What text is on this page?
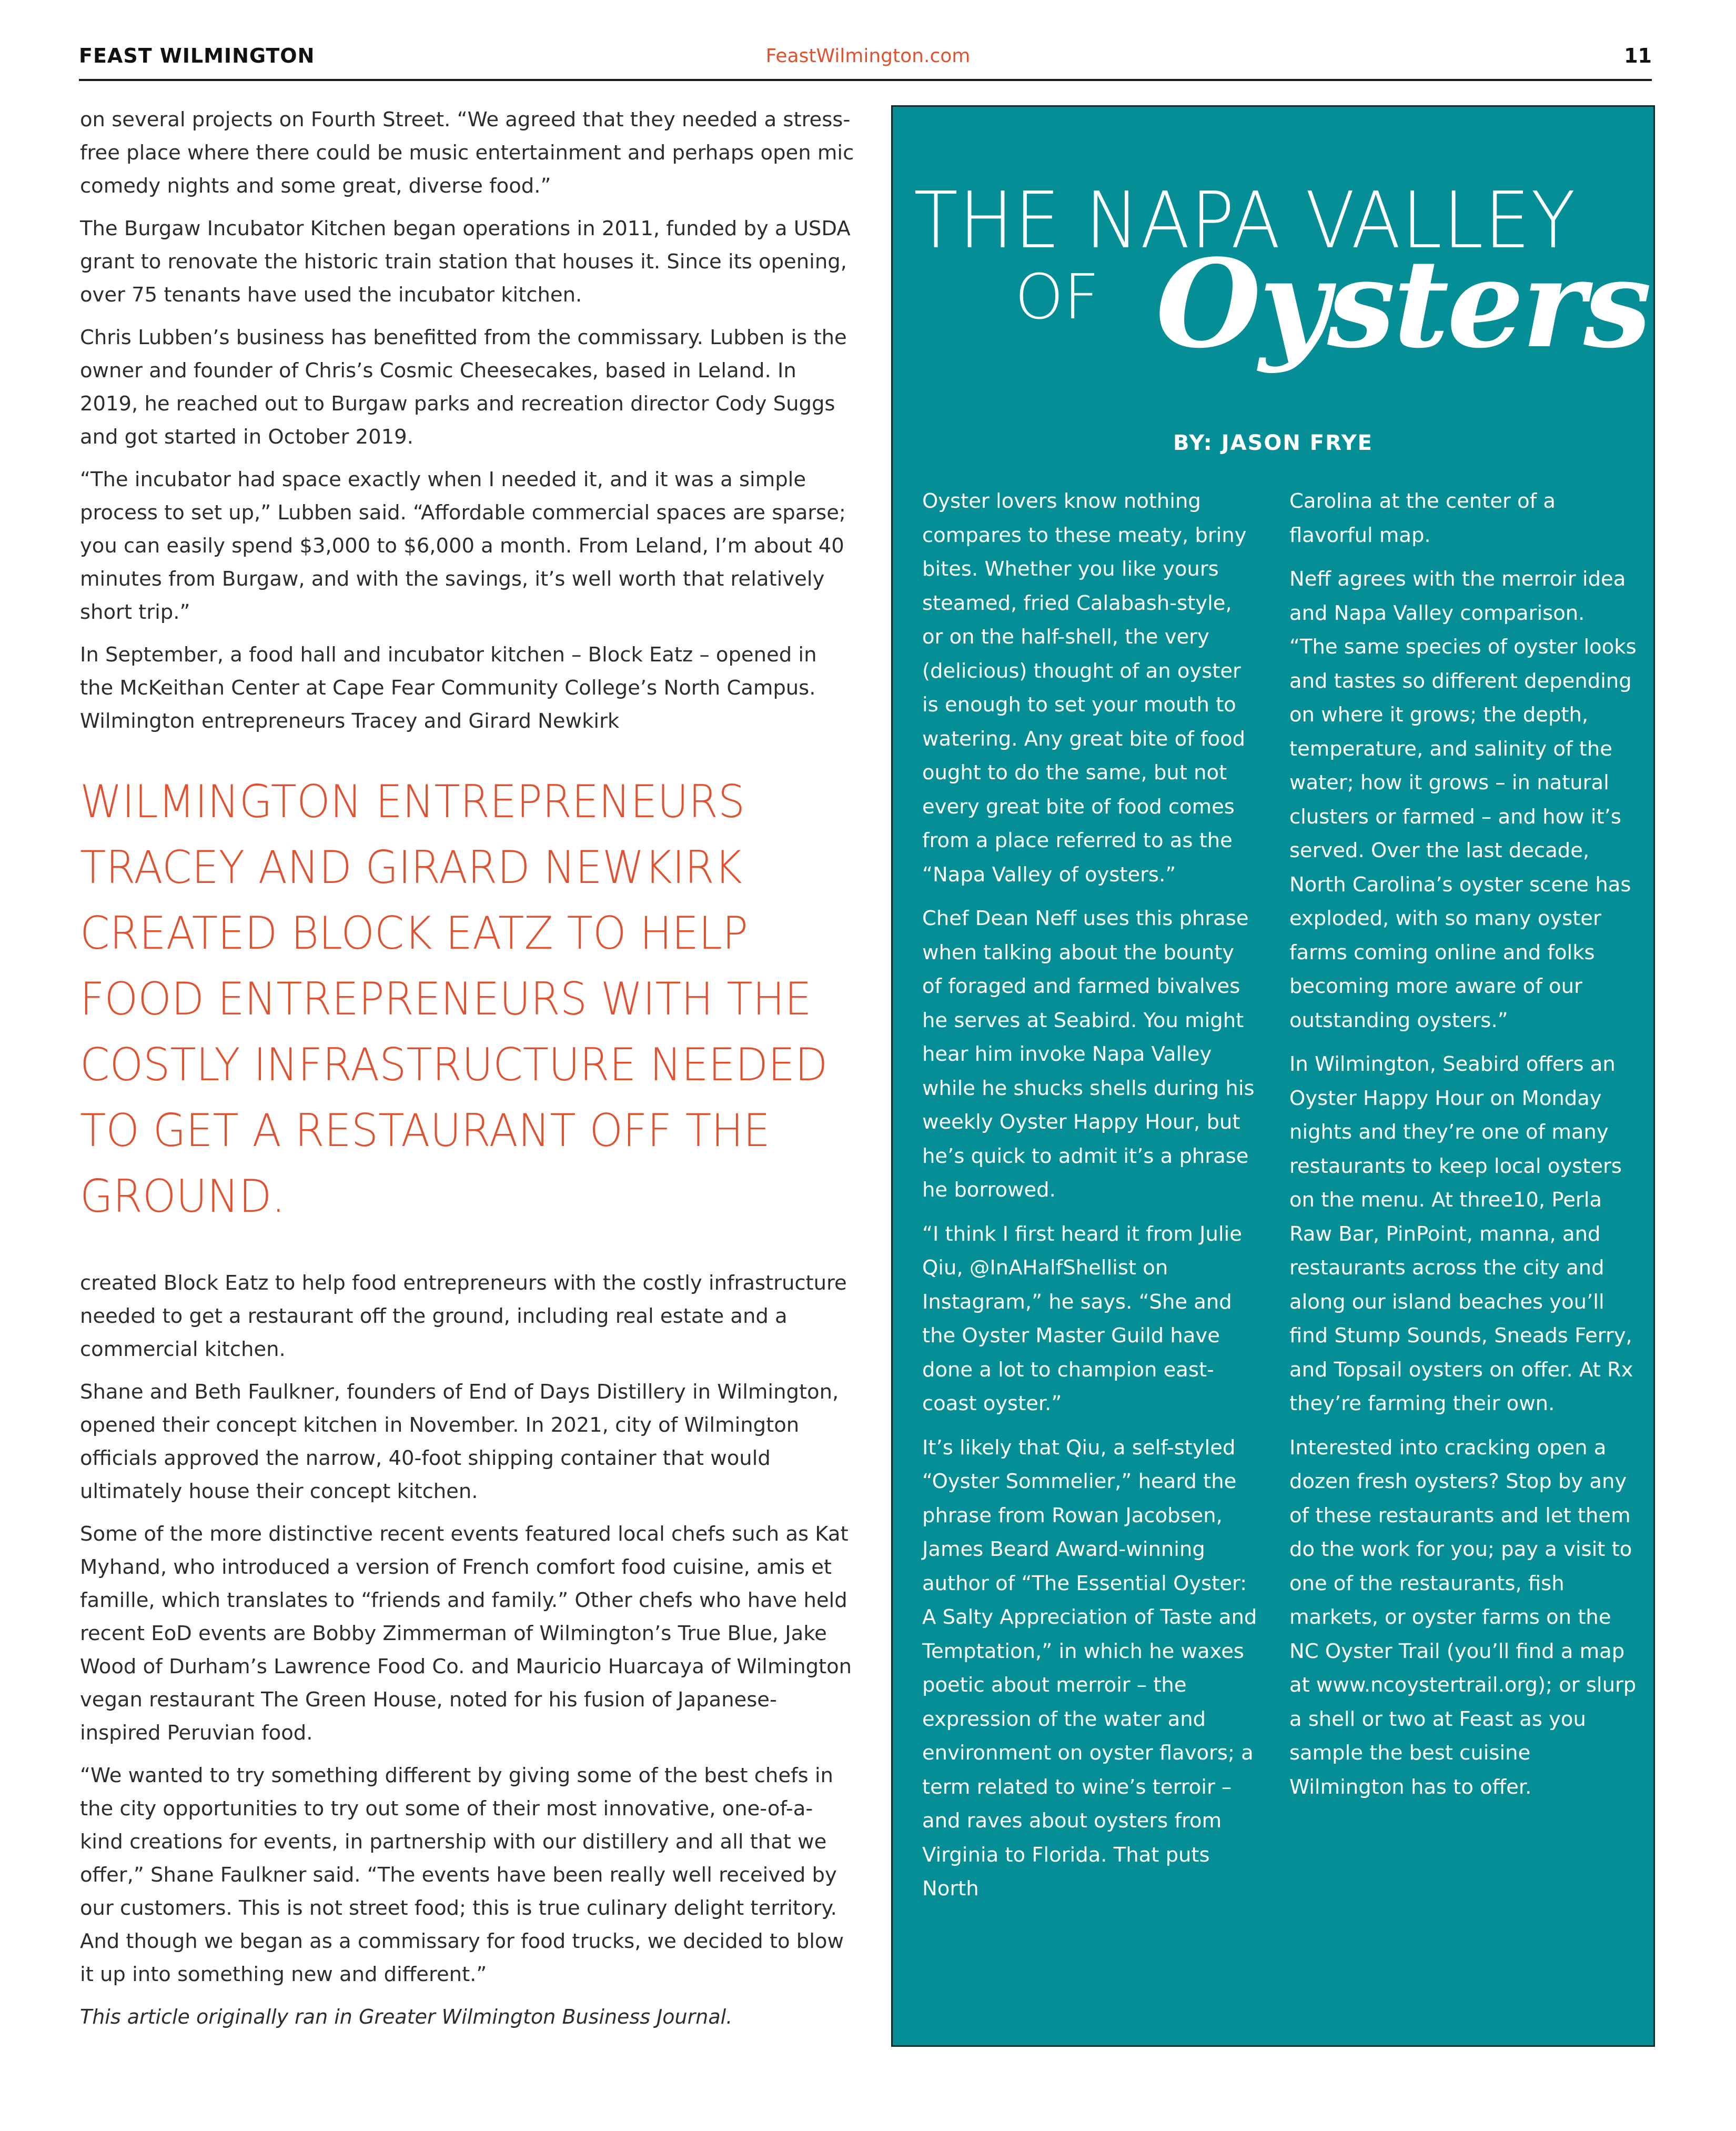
FEAST WILMINGTON	FeastWilmington.com	11

on several projects on Fourth Street. “We agreed that they needed a stress-free place where there could be music entertainment and perhaps open mic comedy nights and some great, diverse food.”

The Burgaw Incubator Kitchen began operations in 2011, funded by a USDA grant to renovate the historic train station that houses it. Since its opening, over 75 tenants have used the incubator kitchen.

Chris Lubben’s business has benefitted from the commissary. Lubben is the owner and founder of Chris’s Cosmic Cheesecakes, based in Leland. In 2019, he reached out to Burgaw parks and recreation director Cody Suggs and got started in October 2019.

“The incubator had space exactly when I needed it, and it was a simple process to set up,” Lubben said. “Affordable commercial spaces are sparse; you can easily spend $3,000 to $6,000 a month. From Leland, I’m about 40 minutes from Burgaw, and with the savings, it’s well worth that relatively short trip.”

In September, a food hall and incubator kitchen – Block Eatz – opened in the McKeithan Center at Cape Fear Community College’s North Campus. Wilmington entrepreneurs Tracey and Girard Newkirk

WILMINGTON ENTREPRENEURS TRACEY AND GIRARD NEWKIRK CREATED BLOCK EATZ TO HELP FOOD ENTREPRENEURS WITH THE COSTLY INFRASTRUCTURE NEEDED TO GET A RESTAURANT OFF THE GROUND.

created Block Eatz to help food entrepreneurs with the costly infrastructure needed to get a restaurant off the ground, including real estate and a commercial kitchen.

Shane and Beth Faulkner, founders of End of Days Distillery in Wilmington, opened their concept kitchen in November. In 2021, city of Wilmington officials approved the narrow, 40-foot shipping container that would ultimately house their concept kitchen.

Some of the more distinctive recent events featured local chefs such as Kat Myhand, who introduced a version of French comfort food cuisine, amis et famille, which translates to “friends and family.” Other chefs who have held recent EoD events are Bobby Zimmerman of Wilmington’s True Blue, Jake Wood of Durham’s Lawrence Food Co. and Mauricio Huarcaya of Wilmington vegan restaurant The Green House, noted for his fusion of Japanese-inspired Peruvian food.

“We wanted to try something different by giving some of the best chefs in the city opportunities to try out some of their most innovative, one-of-a-kind creations for events, in partnership with our distillery and all that we offer,” Shane Faulkner said. “The events have been really well received by our customers. This is not street food; this is true culinary delight territory. And though we began as a commissary for food trucks, we decided to blow it up into something new and different.”

This article originally ran in Greater Wilmington Business Journal.
THE NAPA VALLEY
OF Oysters
BY: JASON FRYE

Oyster lovers know nothing compares to these meaty, briny bites. Whether you like yours steamed, fried Calabash-style, or on the half-shell, the very (delicious) thought of an oyster is enough to set your mouth to watering. Any great bite of food ought to do the same, but not every great bite of food comes from a place referred to as the “Napa Valley of oysters.”

Chef Dean Neff uses this phrase when talking about the bounty of foraged and farmed bivalves he serves at Seabird. You might hear him invoke Napa Valley while he shucks shells during his weekly Oyster Happy Hour, but he’s quick to admit it’s a phrase he borrowed.

“I think I first heard it from Julie Qiu, @InAHalfShellist on Instagram,” he says. “She and the Oyster Master Guild have done a lot to champion east-coast oyster.”

It’s likely that Qiu, a self-styled “Oyster Sommelier,” heard the phrase from Rowan Jacobsen, James Beard Award-winning author of “The Essential Oyster: A Salty Appreciation of Taste and Temptation,” in which he waxes poetic about merroir – the expression of the water and environment on oyster flavors; a term related to wine’s terroir – and raves about oysters from Virginia to Florida. That puts North

Carolina at the center of a flavorful map.

Neff agrees with the merroir idea and Napa Valley comparison. “The same species of oyster looks and tastes so different depending on where it grows; the depth, temperature, and salinity of the water; how it grows – in natural clusters or farmed – and how it’s served. Over the last decade, North Carolina’s oyster scene has exploded, with so many oyster farms coming online and folks becoming more aware of our outstanding oysters.”

In Wilmington, Seabird offers an Oyster Happy Hour on Monday nights and they’re one of many restaurants to keep local oysters on the menu. At three10, Perla Raw Bar, PinPoint, manna, and restaurants across the city and along our island beaches you’ll find Stump Sounds, Sneads Ferry, and Topsail oysters on offer. At Rx they’re farming their own.

Interested into cracking open a dozen fresh oysters? Stop by any of these restaurants and let them do the work for you; pay a visit to one of the restaurants, fish markets, or oyster farms on the NC Oyster Trail (you’ll find a map at www.ncoystertrail.org); or slurp a shell or two at Feast as you sample the best cuisine Wilmington has to offer.
